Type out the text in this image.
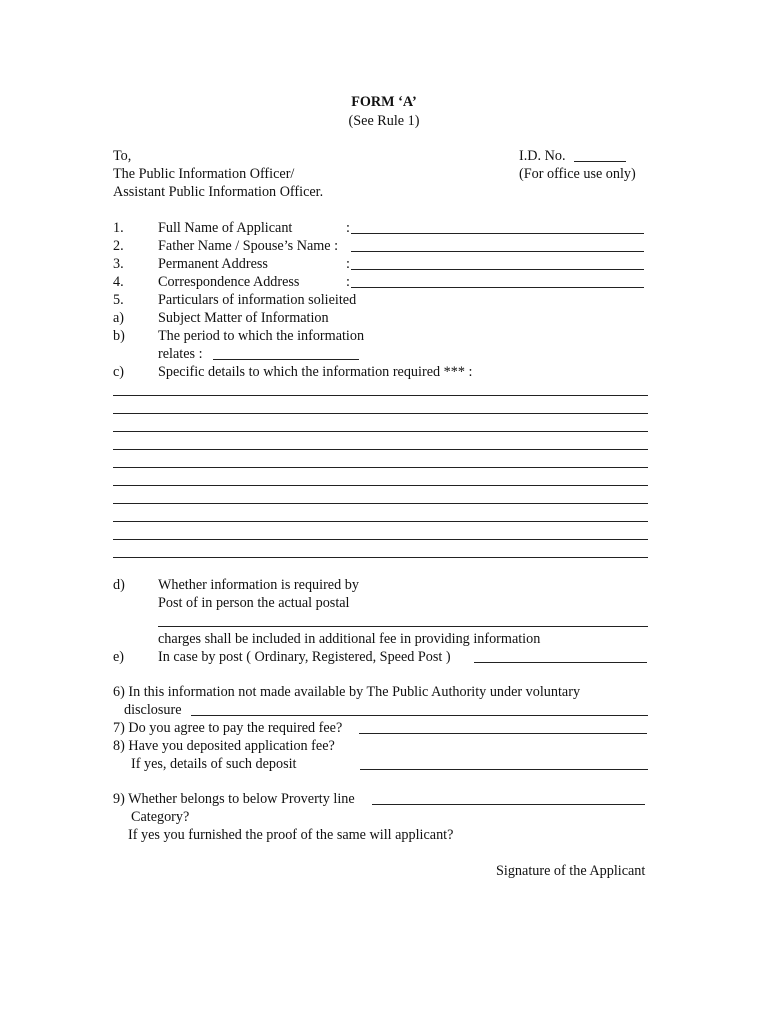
FORM ‘A’
(See Rule 1)
To,
The Public Information Officer/
Assistant Public Information Officer.
I.D. No.
(For office use only)
1. Full Name of Applicant	:
2. Father Name / Spouse’s Name :
3. Permanent Address	:
4. Correspondence Address	:
5. Particulars of information solieited
a) Subject Matter of Information
b) The period to which the information
relates :
c) Specific details to which the information required *** :
d) Whether information is required by
Post of in person the actual postal
charges shall be included in additional fee in providing information
e) In case by post ( Ordinary, Registered, Speed Post )
6) In this information not made available by The Public Authority under voluntary
disclosure
7) Do you agree to pay the required fee?
8) Have you deposited application fee?
If yes, details of such deposit
9) Whether belongs to below Proverty line
Category?
If yes you furnished the proof of the same will applicant?
Signature of the Applicant
